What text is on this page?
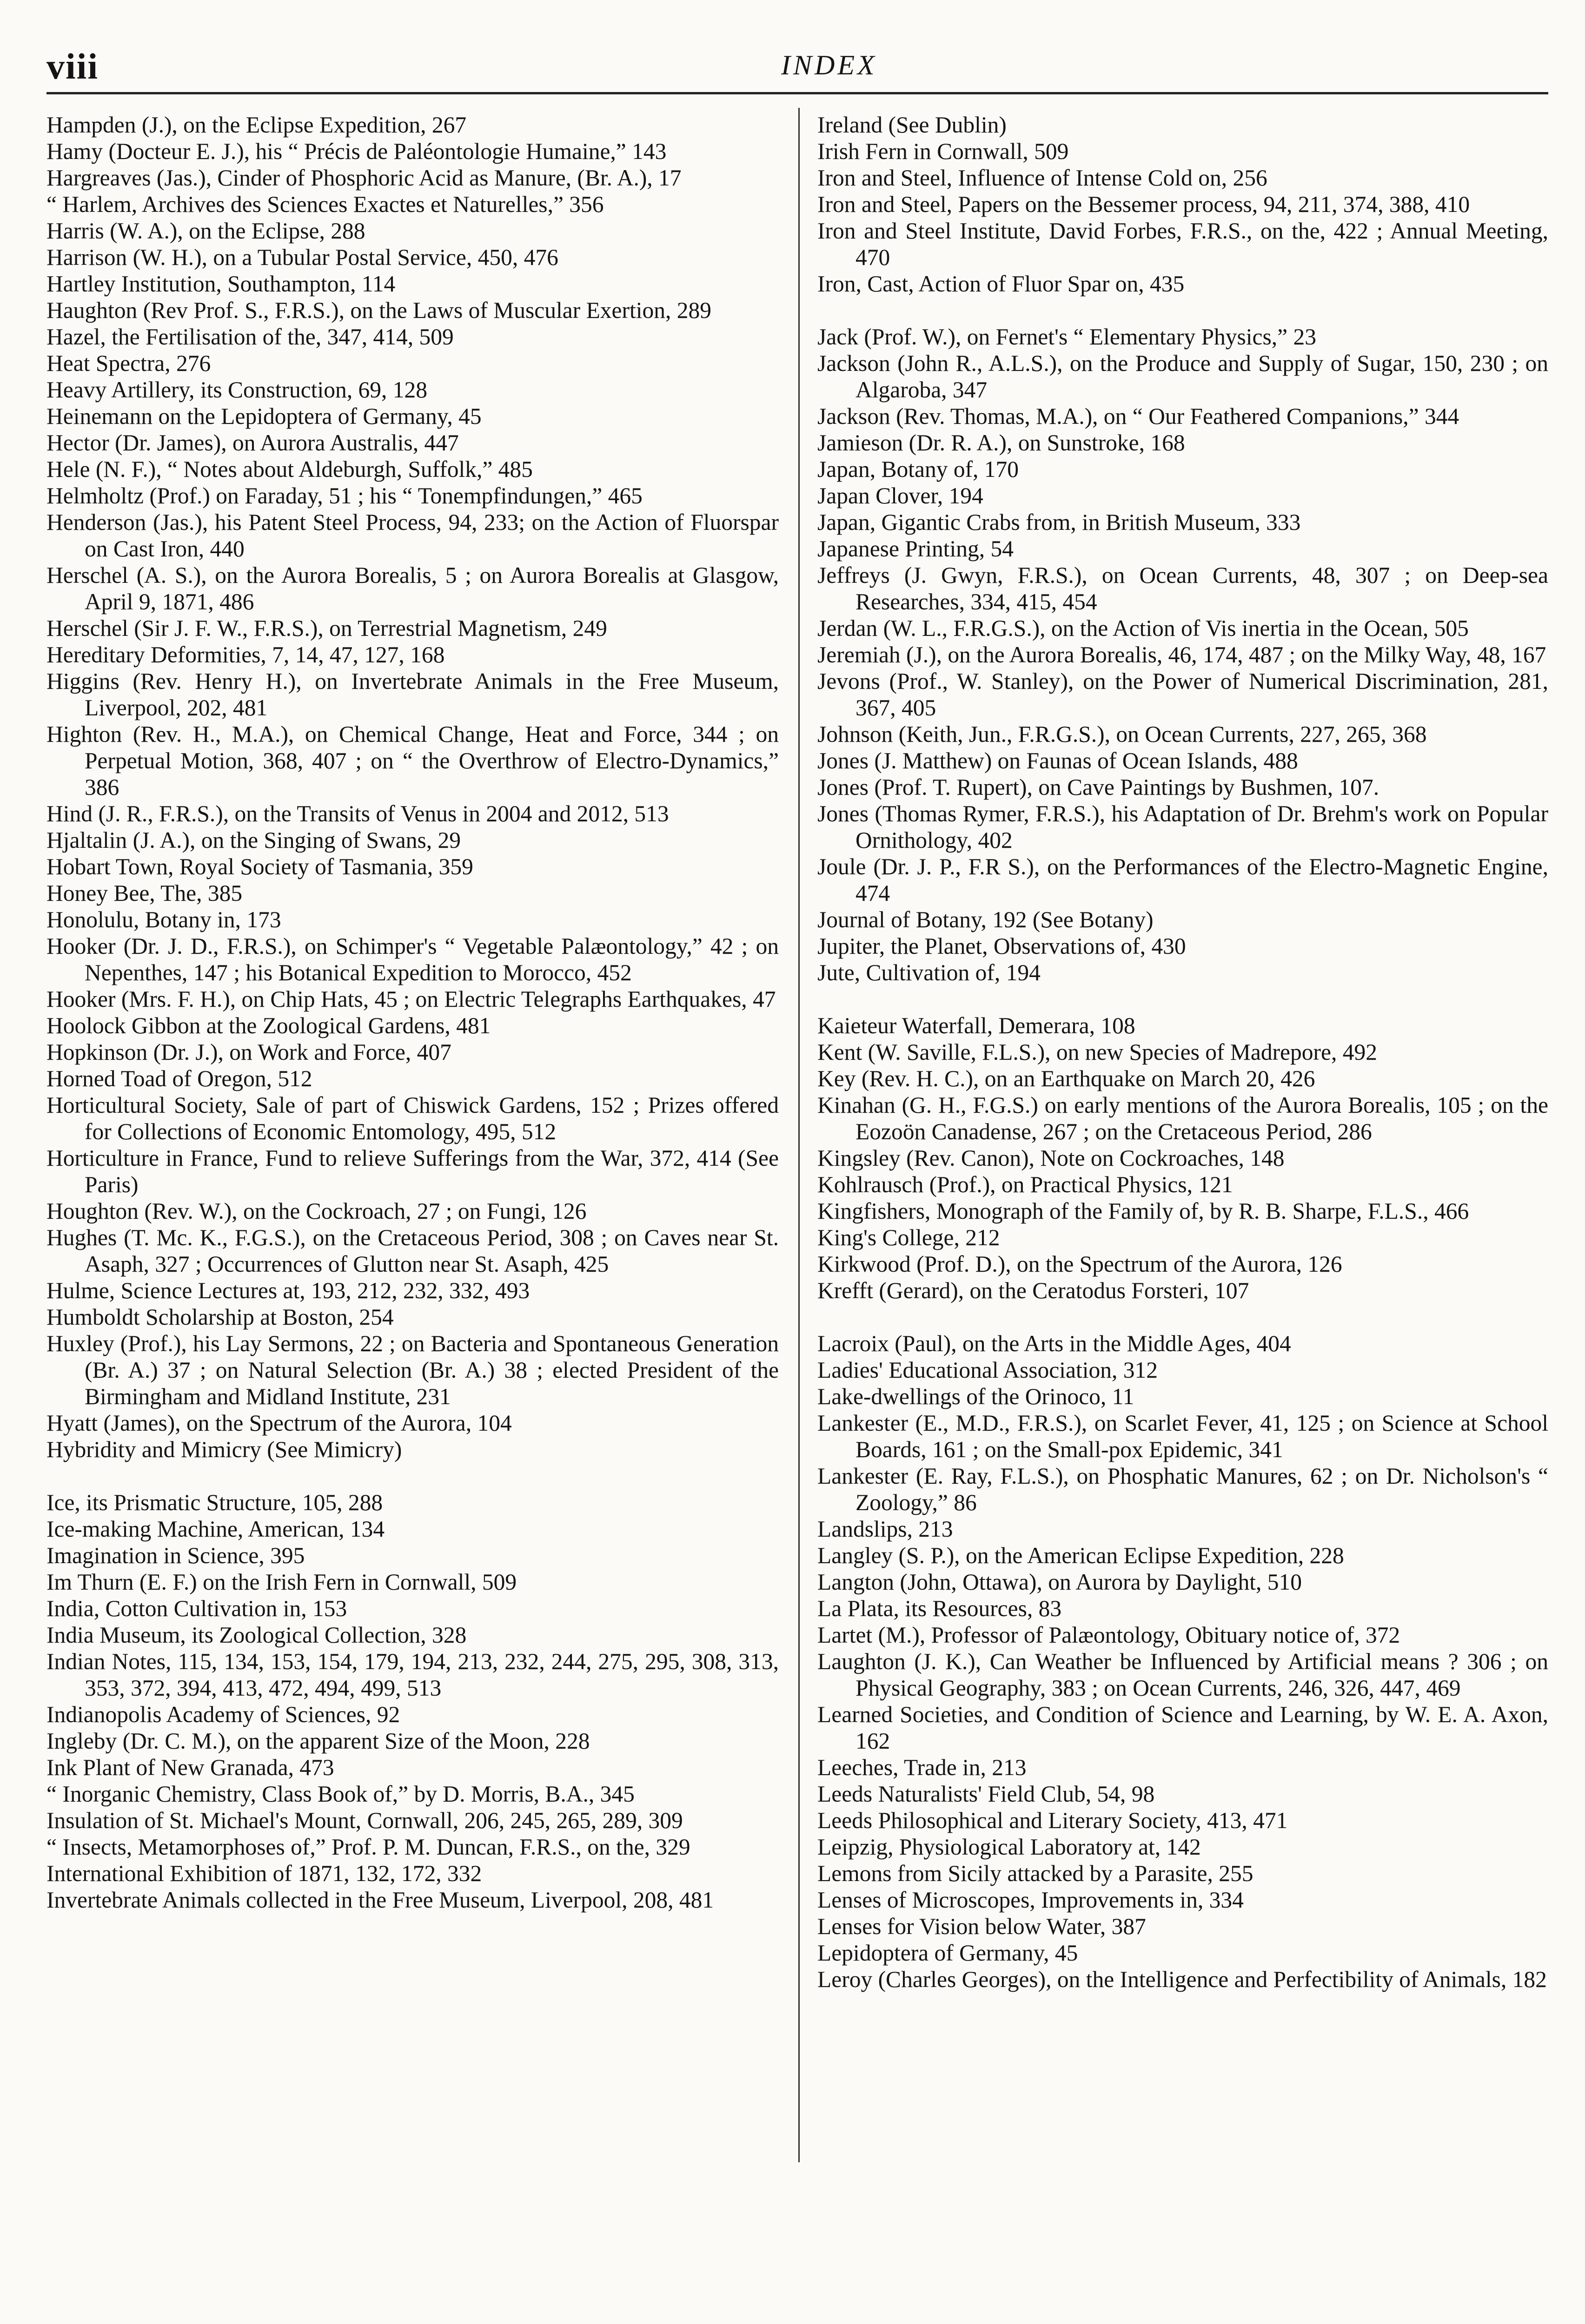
viii	INDEX

Hampden (J.), on the Eclipse Expedition, 267

Hamy (Docteur E. J.), his “ Précis de Paléontologie Humaine,” 143

Hargreaves (Jas.), Cinder of Phosphoric Acid as Manure, (Br. A.), 17

“ Harlem, Archives des Sciences Exactes et Naturelles,” 356

Harris (W. A.), on the Eclipse, 288

Harrison (W. H.), on a Tubular Postal Service, 450, 476

Hartley Institution, Southampton, 114

Haughton (Rev Prof. S., F.R.S.), on the Laws of Muscular Exertion, 289

Hazel, the Fertilisation of the, 347, 414, 509

Heat Spectra, 276

Heavy Artillery, its Construction, 69, 128

Heinemann on the Lepidoptera of Germany, 45

Hector (Dr. James), on Aurora Australis, 447

Hele (N. F.), “ Notes about Aldeburgh, Suffolk,” 485

Helmholtz (Prof.) on Faraday, 51 ; his “ Tonempfindungen,” 465

Henderson (Jas.), his Patent Steel Process, 94, 233; on the Action of Fluorspar on Cast Iron, 440

Herschel (A. S.), on the Aurora Borealis, 5 ; on Aurora Borealis at Glasgow, April 9, 1871, 486

Herschel (Sir J. F. W., F.R.S.), on Terrestrial Magnetism, 249

Hereditary Deformities, 7, 14, 47, 127, 168

Higgins (Rev. Henry H.), on Invertebrate Animals in the Free Museum, Liverpool, 202, 481

Highton (Rev. H., M.A.), on Chemical Change, Heat and Force, 344 ; on Perpetual Motion, 368, 407 ; on “ the Overthrow of Electro-Dynamics,” 386

Hind (J. R., F.R.S.), on the Transits of Venus in 2004 and 2012, 513

Hjaltalin (J. A.), on the Singing of Swans, 29

Hobart Town, Royal Society of Tasmania, 359

Honey Bee, The, 385

Honolulu, Botany in, 173

Hooker (Dr. J. D., F.R.S.), on Schimper's “ Vegetable Palæontology,” 42 ; on Nepenthes, 147 ; his Botanical Expedition to Morocco, 452

Hooker (Mrs. F. H.), on Chip Hats, 45 ; on Electric Telegraphs Earthquakes, 47

Hoolock Gibbon at the Zoological Gardens, 481

Hopkinson (Dr. J.), on Work and Force, 407

Horned Toad of Oregon, 512

Horticultural Society, Sale of part of Chiswick Gardens, 152 ; Prizes offered for Collections of Economic Entomology, 495, 512

Horticulture in France, Fund to relieve Sufferings from the War, 372, 414 (See Paris)

Houghton (Rev. W.), on the Cockroach, 27 ; on Fungi, 126

Hughes (T. Mc. K., F.G.S.), on the Cretaceous Period, 308 ; on Caves near St. Asaph, 327 ; Occurrences of Glutton near St. Asaph, 425

Hulme, Science Lectures at, 193, 212, 232, 332, 493

Humboldt Scholarship at Boston, 254

Huxley (Prof.), his Lay Sermons, 22 ; on Bacteria and Spontaneous Generation (Br. A.) 37 ; on Natural Selection (Br. A.) 38 ; elected President of the Birmingham and Midland Institute, 231

Hyatt (James), on the Spectrum of the Aurora, 104

Hybridity and Mimicry (See Mimicry)

Ice, its Prismatic Structure, 105, 288

Ice-making Machine, American, 134

Imagination in Science, 395

Im Thurn (E. F.) on the Irish Fern in Cornwall, 509

India, Cotton Cultivation in, 153

India Museum, its Zoological Collection, 328

Indian Notes, 115, 134, 153, 154, 179, 194, 213, 232, 244, 275, 295, 308, 313, 353, 372, 394, 413, 472, 494, 499, 513

Indianopolis Academy of Sciences, 92

Ingleby (Dr. C. M.), on the apparent Size of the Moon, 228

Ink Plant of New Granada, 473

“ Inorganic Chemistry, Class Book of,” by D. Morris, B.A., 345

Insulation of St. Michael's Mount, Cornwall, 206, 245, 265, 289, 309

“ Insects, Metamorphoses of,” Prof. P. M. Duncan, F.R.S., on the, 329

International Exhibition of 1871, 132, 172, 332

Invertebrate Animals collected in the Free Museum, Liverpool, 208, 481

Ireland (See Dublin)

Irish Fern in Cornwall, 509

Iron and Steel, Influence of Intense Cold on, 256

Iron and Steel, Papers on the Bessemer process, 94, 211, 374, 388, 410

Iron and Steel Institute, David Forbes, F.R.S., on the, 422 ; Annual Meeting, 470

Iron, Cast, Action of Fluor Spar on, 435

Jack (Prof. W.), on Fernet's “ Elementary Physics,” 23

Jackson (John R., A.L.S.), on the Produce and Supply of Sugar, 150, 230 ; on Algaroba, 347

Jackson (Rev. Thomas, M.A.), on “ Our Feathered Companions,” 344

Jamieson (Dr. R. A.), on Sunstroke, 168

Japan, Botany of, 170

Japan Clover, 194

Japan, Gigantic Crabs from, in British Museum, 333

Japanese Printing, 54

Jeffreys (J. Gwyn, F.R.S.), on Ocean Currents, 48, 307 ; on Deep-sea Researches, 334, 415, 454

Jerdan (W. L., F.R.G.S.), on the Action of Vis inertia in the Ocean, 505

Jeremiah (J.), on the Aurora Borealis, 46, 174, 487 ; on the Milky Way, 48, 167

Jevons (Prof., W. Stanley), on the Power of Numerical Discrimination, 281, 367, 405

Johnson (Keith, Jun., F.R.G.S.), on Ocean Currents, 227, 265, 368

Jones (J. Matthew) on Faunas of Ocean Islands, 488

Jones (Prof. T. Rupert), on Cave Paintings by Bushmen, 107.

Jones (Thomas Rymer, F.R.S.), his Adaptation of Dr. Brehm's work on Popular Ornithology, 402

Joule (Dr. J. P., F.R S.), on the Performances of the Electro-Magnetic Engine, 474

Journal of Botany, 192 (See Botany)

Jupiter, the Planet, Observations of, 430

Jute, Cultivation of, 194

Kaieteur Waterfall, Demerara, 108

Kent (W. Saville, F.L.S.), on new Species of Madrepore, 492

Key (Rev. H. C.), on an Earthquake on March 20, 426

Kinahan (G. H., F.G.S.) on early mentions of the Aurora Borealis, 105 ; on the Eozoön Canadense, 267 ; on the Cretaceous Period, 286

Kingsley (Rev. Canon), Note on Cockroaches, 148

Kohlrausch (Prof.), on Practical Physics, 121

Kingfishers, Monograph of the Family of, by R. B. Sharpe, F.L.S., 466

King's College, 212

Kirkwood (Prof. D.), on the Spectrum of the Aurora, 126

Krefft (Gerard), on the Ceratodus Forsteri, 107

Lacroix (Paul), on the Arts in the Middle Ages, 404

Ladies' Educational Association, 312

Lake-dwellings of the Orinoco, 11

Lankester (E., M.D., F.R.S.), on Scarlet Fever, 41, 125 ; on Science at School Boards, 161 ; on the Small-pox Epidemic, 341

Lankester (E. Ray, F.L.S.), on Phosphatic Manures, 62 ; on Dr. Nicholson's “ Zoology,” 86

Landslips, 213

Langley (S. P.), on the American Eclipse Expedition, 228

Langton (John, Ottawa), on Aurora by Daylight, 510

La Plata, its Resources, 83

Lartet (M.), Professor of Palæontology, Obituary notice of, 372

Laughton (J. K.), Can Weather be Influenced by Artificial means ? 306 ; on Physical Geography, 383 ; on Ocean Currents, 246, 326, 447, 469

Learned Societies, and Condition of Science and Learning, by W. E. A. Axon, 162

Leeches, Trade in, 213

Leeds Naturalists' Field Club, 54, 98

Leeds Philosophical and Literary Society, 413, 471

Leipzig, Physiological Laboratory at, 142

Lemons from Sicily attacked by a Parasite, 255

Lenses of Microscopes, Improvements in, 334

Lenses for Vision below Water, 387

Lepidoptera of Germany, 45

Leroy (Charles Georges), on the Intelligence and Perfectibility of Animals, 182
